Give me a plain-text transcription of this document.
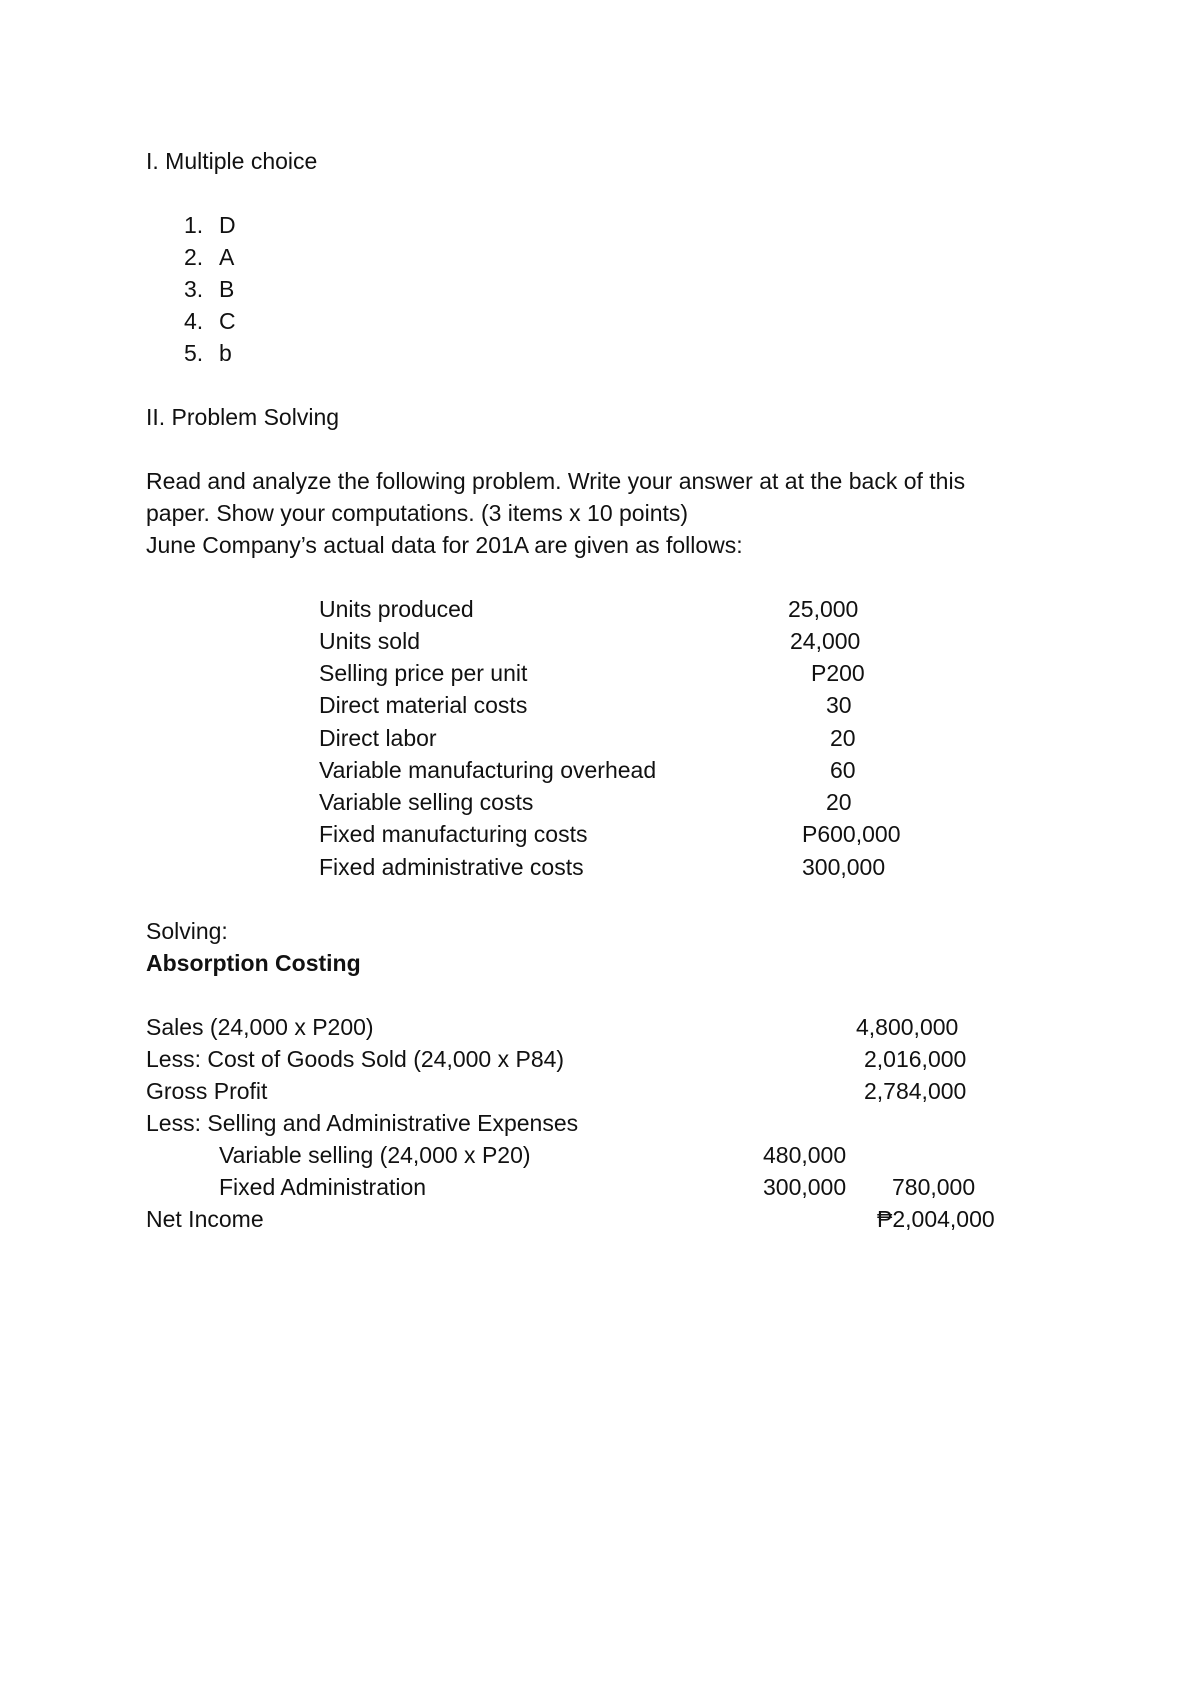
I. Multiple choice
1. D
2. A
3. B
4. C
5. b
II. Problem Solving
Read and analyze the following problem. Write your answer at at the back of this
paper. Show your computations. (3 items x 10 points)
June Company’s actual data for 201A are given as follows:
Units produced	25,000
Units sold	24,000
Selling price per unit	P200
Direct material costs	30
Direct labor	20
Variable manufacturing overhead	60
Variable selling costs	20
Fixed manufacturing costs	P600,000
Fixed administrative costs	300,000
Solving:
Absorption Costing
Sales (24,000 x P200)	4,800,000
Less: Cost of Goods Sold (24,000 x P84)	2,016,000
Gross Profit	2,784,000
Less: Selling and Administrative Expenses
Variable selling (24,000 x P20)	480,000
Fixed Administration	300,000 780,000
Net Income	₱2,004,000
